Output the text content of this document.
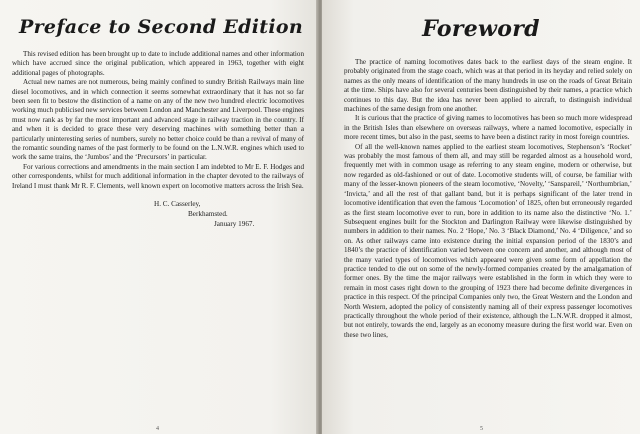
Preface to Second Edition

This revised edition has been brought up to date to include additional names and other information which have accrued since the original publication, which appeared in 1963, together with eight additional pages of photographs.

Actual new names are not numerous, being mainly confined to sundry British Railways main line diesel locomotives, and in which connection it seems somewhat extraordinary that it has not so far been seen fit to bestow the distinction of a name on any of the new two hundred electric locomotives working much publicised new services between London and Manchester and Liverpool. These engines must now rank as by far the most important and advanced stage in railway traction in the country. If and when it is decided to grace these very deserving machines with something better than a particularly uninteresting series of numbers, surely no better choice could be than a revival of many of the romantic sounding names of the past formerly to be found on the L.N.W.R. engines which used to work the same trains, the ‘Jumbos’ and the ‘Precursors’ in particular.

For various corrections and amendments in the main section I am indebted to Mr E. F. Hodges and other correspondents, whilst for much additional information in the chapter devoted to the railways of Ireland I must thank Mr R. F. Clements, well known expert on locomotive matters across the Irish Sea.

H. C. Casserley,
Berkhamsted.
January 1967.
4
Foreword

The practice of naming locomotives dates back to the earliest days of the steam engine. It probably originated from the stage coach, which was at that period in its heyday and relied solely on names as the only means of identification of the many hundreds in use on the roads of Great Britain at the time. Ships have also for several centuries been distinguished by their names, a practice which continues to this day. But the idea has never been applied to aircraft, to distinguish individual machines of the same design from one another.

It is curious that the practice of giving names to locomotives has been so much more widespread in the British Isles than elsewhere on overseas railways, where a named locomotive, especially in more recent times, but also in the past, seems to have been a distinct rarity in most foreign countries.

Of all the well-known names applied to the earliest steam locomotives, Stephenson’s ‘Rocket’ was probably the most famous of them all, and may still be regarded almost as a household word, frequently met with in common usage as referring to any steam engine, modern or otherwise, but now regarded as old-fashioned or out of date. Locomotive students will, of course, be familiar with many of the lesser-known pioneers of the steam locomotive, ‘Novelty,’ ‘Sanspareil,’ ‘Northumbrian,’ ‘Invicta,’ and all the rest of that gallant band, but it is perhaps significant of the later trend in locomotive identification that even the famous ‘Locomotion’ of 1825, often but erroneously regarded as the first steam locomotive ever to run, bore in addition to its name also the distinctive ‘No. 1.’ Subsequent engines built for the Stockton and Darlington Railway were likewise distinguished by numbers in addition to their names. No. 2 ‘Hope,’ No. 3 ‘Black Diamond,’ No. 4 ‘Diligence,’ and so on. As other railways came into existence during the initial expansion period of the 1830’s and 1840’s the practice of identification varied between one concern and another, and although most of the many varied types of locomotives which appeared were given some form of appellation the practice tended to die out on some of the newly-formed companies created by the amalgamation of former ones. By the time the major railways were established in the form in which they were to remain in most cases right down to the grouping of 1923 there had become definite divergences in practice in this respect. Of the principal Companies only two, the Great Western and the London and North Western, adopted the policy of consistently naming all of their express passenger locomotives practically throughout the whole period of their existence, although the L.N.W.R. dropped it almost, but not entirely, towards the end, largely as an economy measure during the first world war. Even on these two lines,

5
